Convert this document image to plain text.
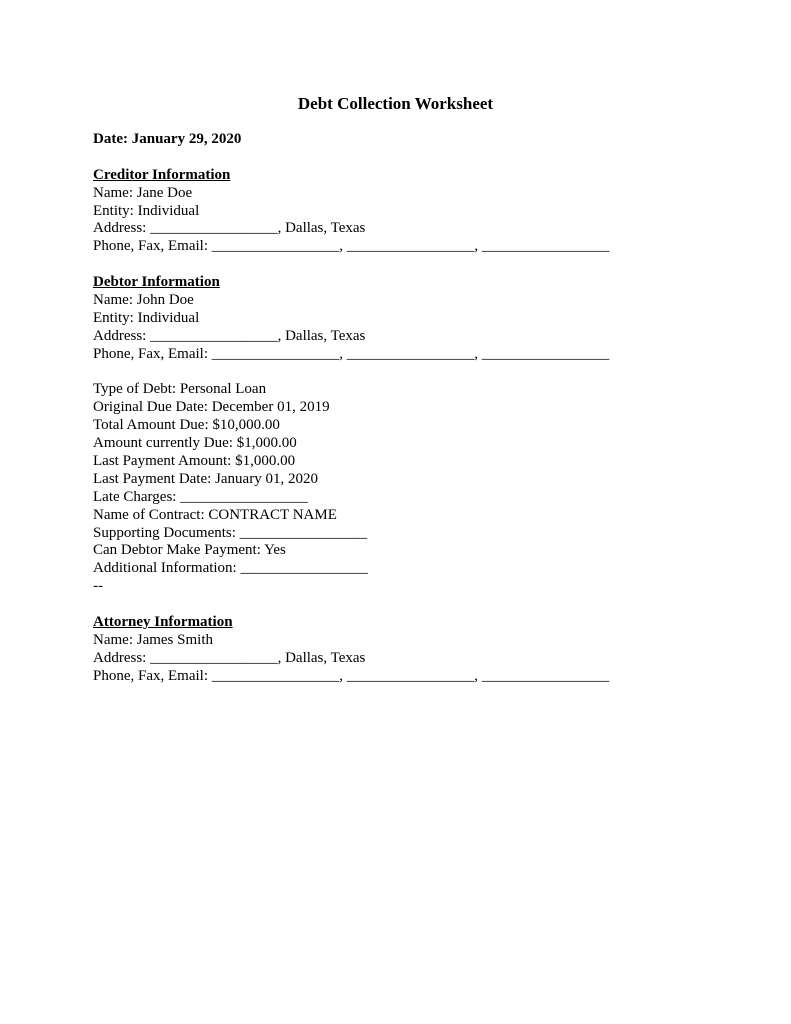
Debt Collection Worksheet
Date: January 29, 2020
Creditor Information
Name: Jane Doe
Entity: Individual
Address: _________________, Dallas, Texas
Phone, Fax, Email: _________________, _________________, _________________
Debtor Information
Name: John Doe
Entity: Individual
Address: _________________, Dallas, Texas
Phone, Fax, Email: _________________, _________________, _________________
Type of Debt: Personal Loan
Original Due Date: December 01, 2019
Total Amount Due: $10,000.00
Amount currently Due: $1,000.00
Last Payment Amount: $1,000.00
Last Payment Date: January 01, 2020
Late Charges: _________________
Name of Contract: CONTRACT NAME
Supporting Documents: _________________
Can Debtor Make Payment: Yes
Additional Information: _________________
--
Attorney Information
Name: James Smith
Address: _________________, Dallas, Texas
Phone, Fax, Email: _________________, _________________, _________________
